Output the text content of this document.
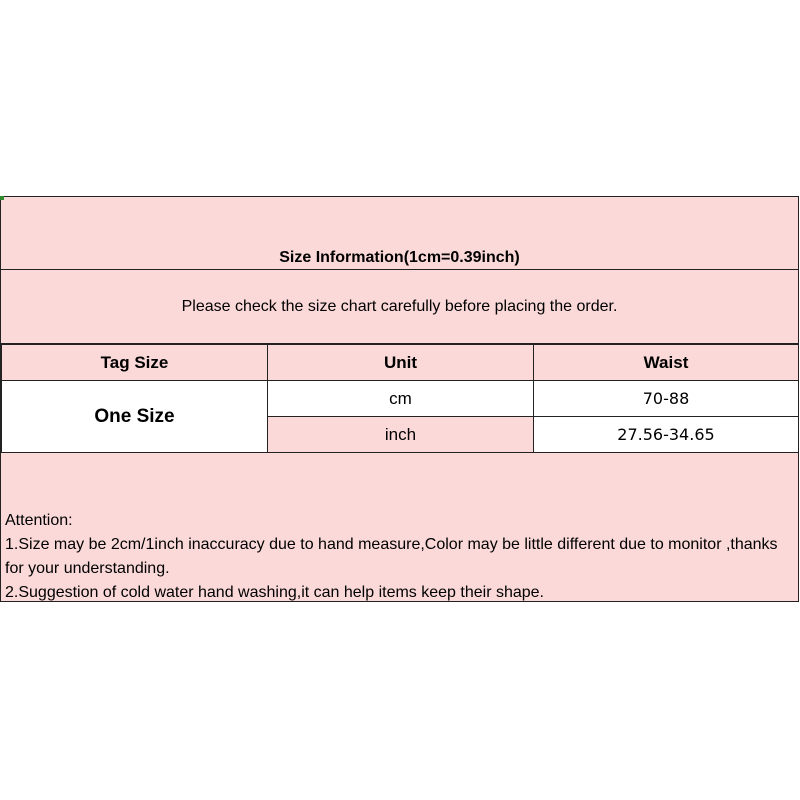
Size Information(1cm=0.39inch)
Please check the size chart carefully before placing the order.
Tag Size	Unit	Waist
One Size	cm	70-88
	inch	27.56-34.65
Attention:
1.Size may be 2cm/1inch inaccuracy due to hand measure,Color may be little different due to monitor ,thanks for your understanding.
2.Suggestion of cold water hand washing,it can help items keep their shape.
